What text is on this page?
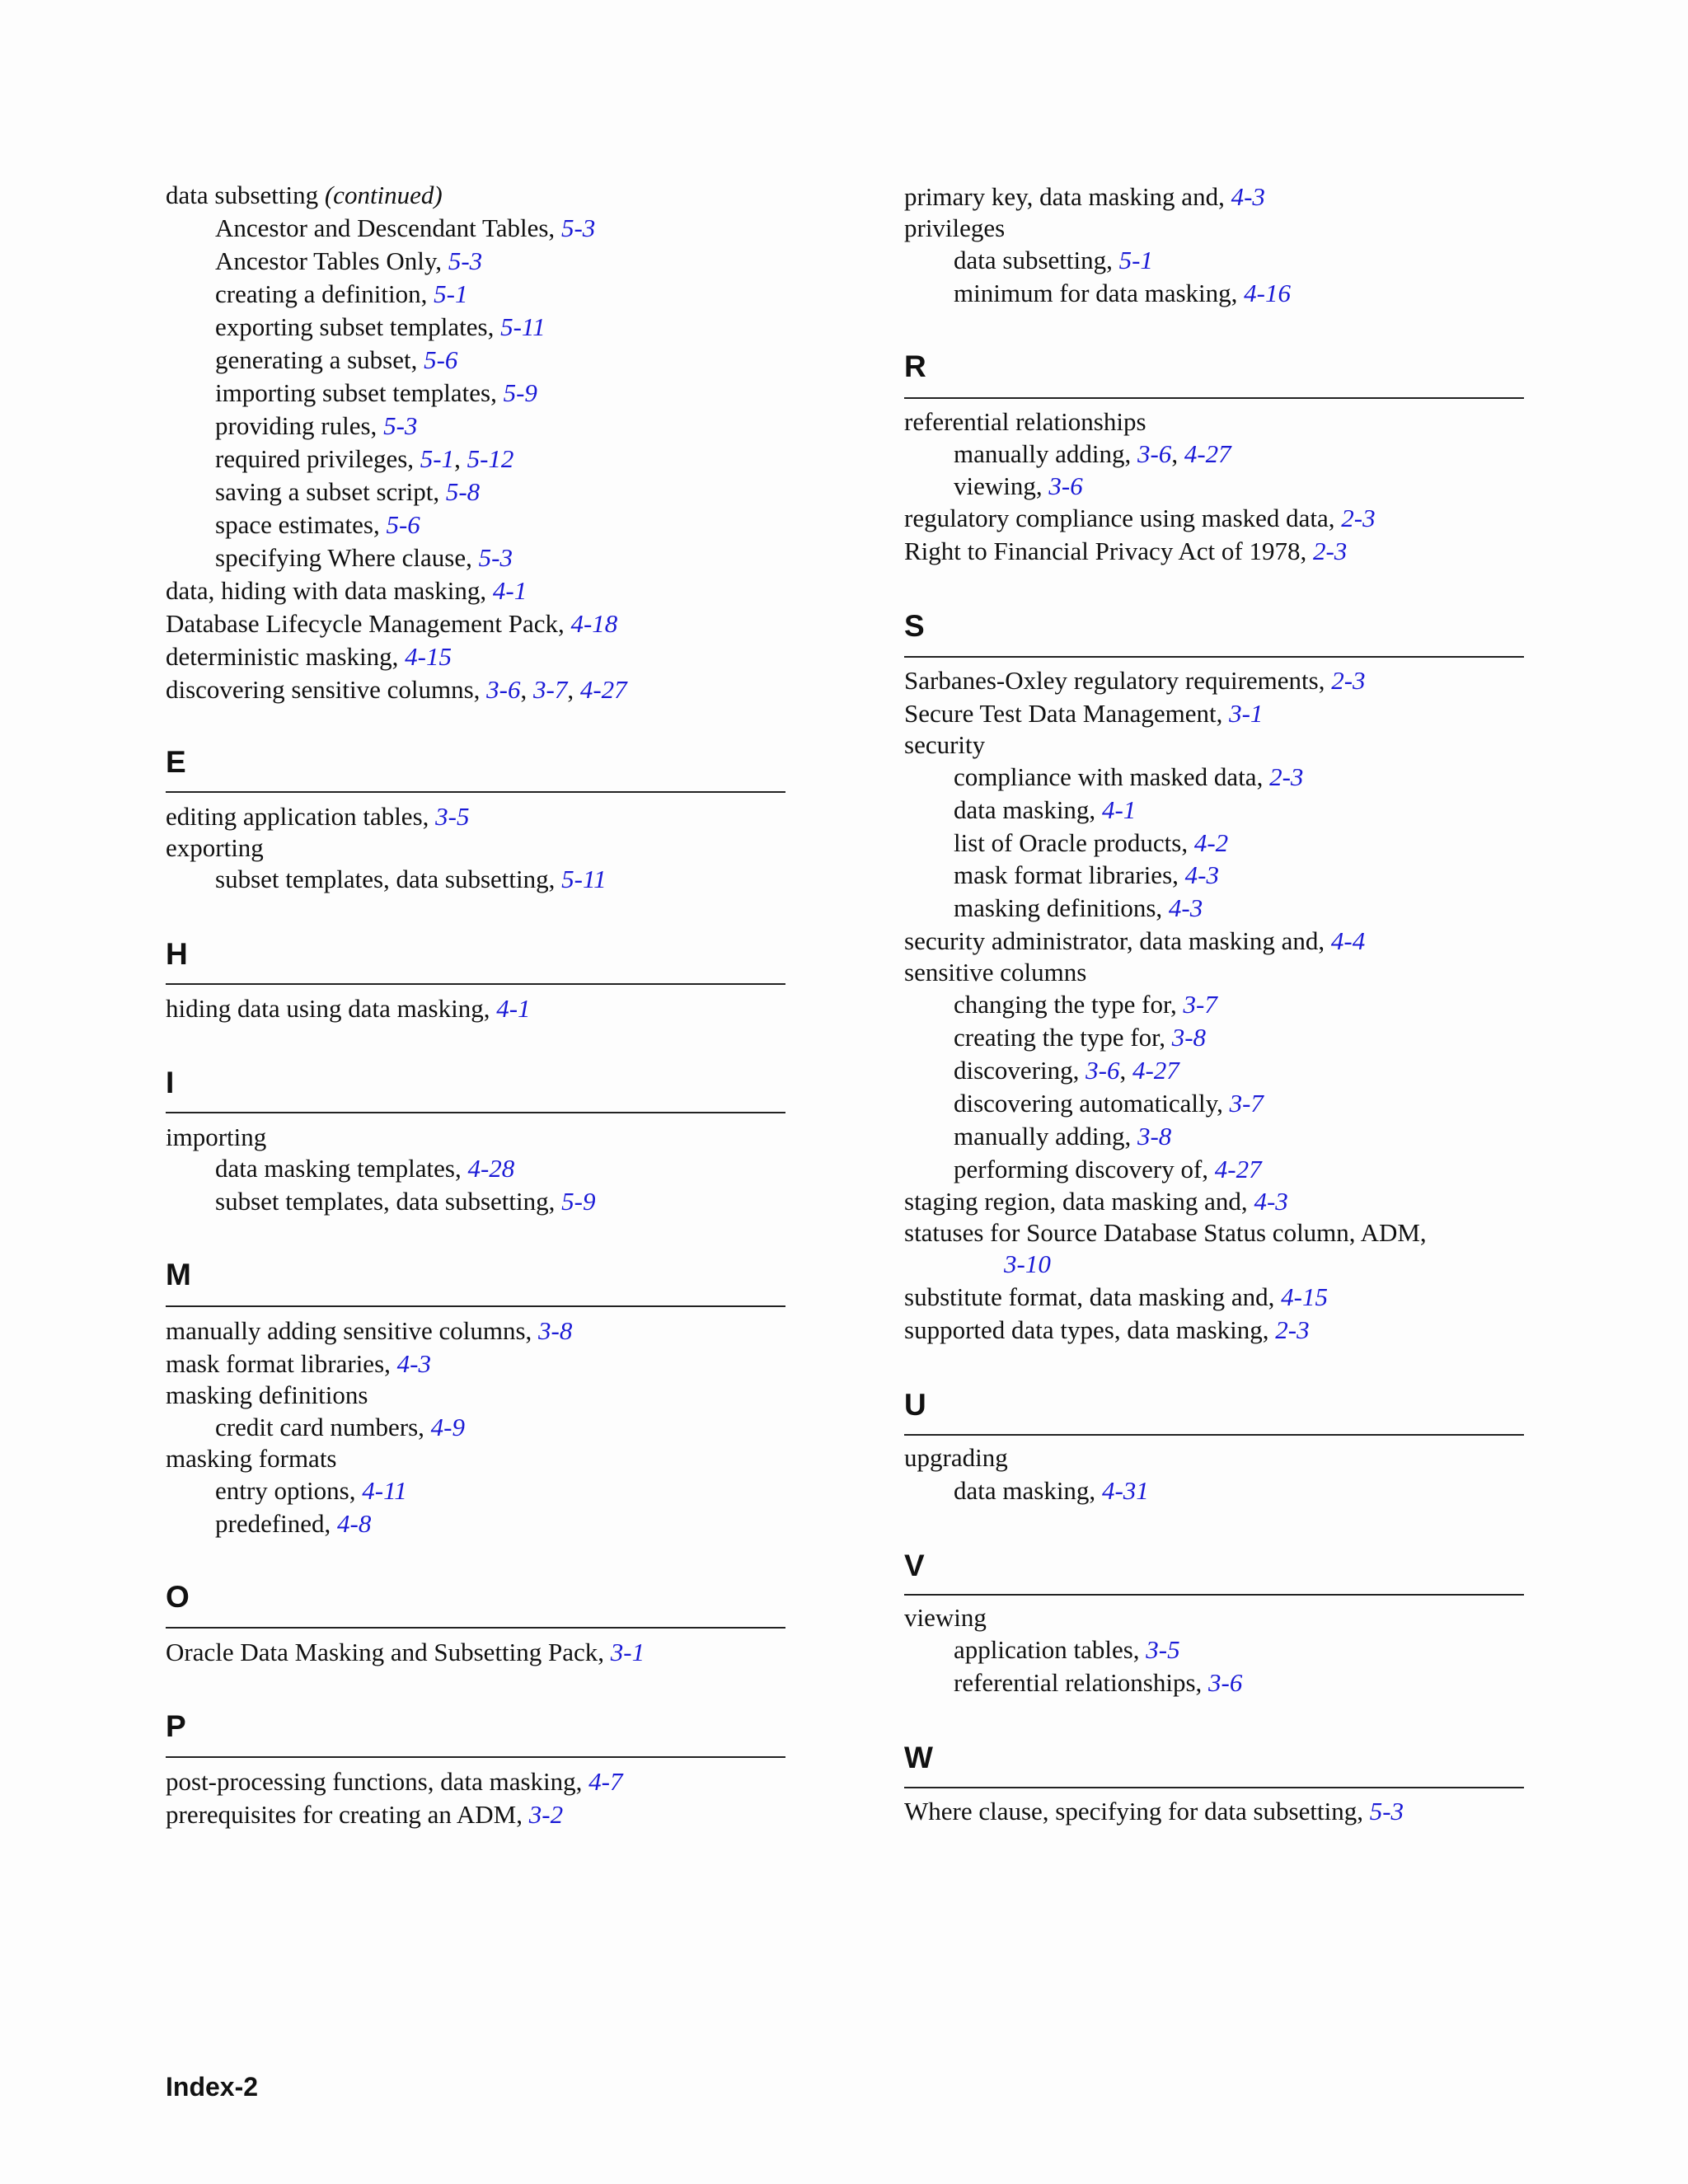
data subsetting (continued)
Ancestor and Descendant Tables, 5-3
Ancestor Tables Only, 5-3
creating a definition, 5-1
exporting subset templates, 5-11
generating a subset, 5-6
importing subset templates, 5-9
providing rules, 5-3
required privileges, 5-1, 5-12
saving a subset script, 5-8
space estimates, 5-6
specifying Where clause, 5-3
data, hiding with data masking, 4-1
Database Lifecycle Management Pack, 4-18
deterministic masking, 4-15
discovering sensitive columns, 3-6, 3-7, 4-27
E
editing application tables, 3-5
exporting
subset templates, data subsetting, 5-11
H
hiding data using data masking, 4-1
I
importing
data masking templates, 4-28
subset templates, data subsetting, 5-9
M
manually adding sensitive columns, 3-8
mask format libraries, 4-3
masking definitions
credit card numbers, 4-9
masking formats
entry options, 4-11
predefined, 4-8
O
Oracle Data Masking and Subsetting Pack, 3-1
P
post-processing functions, data masking, 4-7
prerequisites for creating an ADM, 3-2
primary key, data masking and, 4-3
privileges
data subsetting, 5-1
minimum for data masking, 4-16
R
referential relationships
manually adding, 3-6, 4-27
viewing, 3-6
regulatory compliance using masked data, 2-3
Right to Financial Privacy Act of 1978, 2-3
S
Sarbanes-Oxley regulatory requirements, 2-3
Secure Test Data Management, 3-1
security
compliance with masked data, 2-3
data masking, 4-1
list of Oracle products, 4-2
mask format libraries, 4-3
masking definitions, 4-3
security administrator, data masking and, 4-4
sensitive columns
changing the type for, 3-7
creating the type for, 3-8
discovering, 3-6, 4-27
discovering automatically, 3-7
manually adding, 3-8
performing discovery of, 4-27
staging region, data masking and, 4-3
statuses for Source Database Status column, ADM,
3-10
substitute format, data masking and, 4-15
supported data types, data masking, 2-3
U
upgrading
data masking, 4-31
V
viewing
application tables, 3-5
referential relationships, 3-6
W
Where clause, specifying for data subsetting, 5-3
Index-2
